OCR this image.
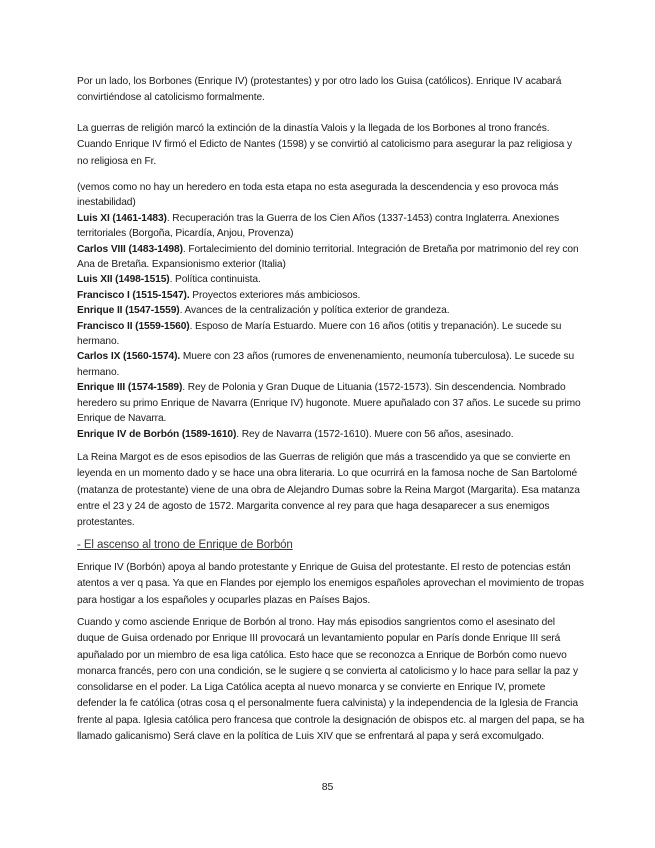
Por un lado, los Borbones (Enrique IV) (protestantes) y por otro lado los Guisa (católicos). Enrique IV acabará convirtiéndose al catolicismo formalmente.

La guerras de religión marcó la extinción de la dinastía Valois y la llegada de los Borbones al trono francés. Cuando Enrique IV firmó el Edicto de Nantes (1598) y se convirtió al catolicismo para asegurar la paz religiosa y no religiosa en Fr.

(vemos como no hay un heredero en toda esta etapa no esta asegurada la descendencia y eso provoca más inestabilidad)

Luis XI (1461-1483). Recuperación tras la Guerra de los Cien Años (1337-1453) contra Inglaterra. Anexiones territoriales (Borgoña, Picardía, Anjou, Provenza)

Carlos VIII (1483-1498). Fortalecimiento del dominio territorial. Integración de Bretaña por matrimonio del rey con Ana de Bretaña. Expansionismo exterior (Italia)

Luis XII (1498-1515). Política continuista.

Francisco I (1515-1547). Proyectos exteriores más ambiciosos.

Enrique II (1547-1559). Avances de la centralización y política exterior de grandeza.

Francisco II (1559-1560). Esposo de María Estuardo. Muere con 16 años (otitis y trepanación). Le sucede su hermano.

Carlos IX (1560-1574). Muere con 23 años (rumores de envenenamiento, neumonía tuberculosa). Le sucede su hermano.

Enrique III (1574-1589). Rey de Polonia y Gran Duque de Lituania (1572-1573). Sin descendencia. Nombrado heredero su primo Enrique de Navarra (Enrique IV) hugonote. Muere apuñalado con 37 años. Le sucede su primo Enrique de Navarra.

Enrique IV de Borbón (1589-1610). Rey de Navarra (1572-1610). Muere con 56 años, asesinado.

La Reina Margot es de esos episodios de las Guerras de religión que más a trascendido ya que se convierte en leyenda en un momento dado y se hace una obra literaria. Lo que ocurrirá en la famosa noche de San Bartolomé (matanza de protestante) viene de una obra de Alejandro Dumas sobre la Reina Margot (Margarita). Esa matanza entre el 23 y 24 de agosto de 1572. Margarita convence al rey para que haga desaparecer a sus enemigos protestantes.

- El ascenso al trono de Enrique de Borbón

Enrique IV (Borbón) apoya al bando protestante y Enrique de Guisa del protestante. El resto de potencias están atentos a ver q pasa. Ya que en Flandes por ejemplo los enemigos españoles aprovechan el movimiento de tropas para hostigar a los españoles y ocuparles plazas en Países Bajos.

Cuando y como asciende Enrique de Borbón al trono. Hay más episodios sangrientos como el asesinato del duque de Guisa ordenado por Enrique III provocará un levantamiento popular en París donde Enrique III será apuñalado por un miembro de esa liga católica. Esto hace que se reconozca a Enrique de Borbón como nuevo monarca francés, pero con una condición, se le sugiere q se convierta al catolicismo y lo hace para sellar la paz y consolidarse en el poder. La Liga Católica acepta al nuevo monarca y se convierte en Enrique IV, promete defender la fe católica (otras cosa q el personalmente fuera calvinista) y la independencia de la Iglesia de Francia frente al papa. Iglesia católica pero francesa que controle la designación de obispos etc. al margen del papa, se ha llamado galicanismo) Será clave en la política de Luis XIV que se enfrentará al papa y será excomulgado.

85
